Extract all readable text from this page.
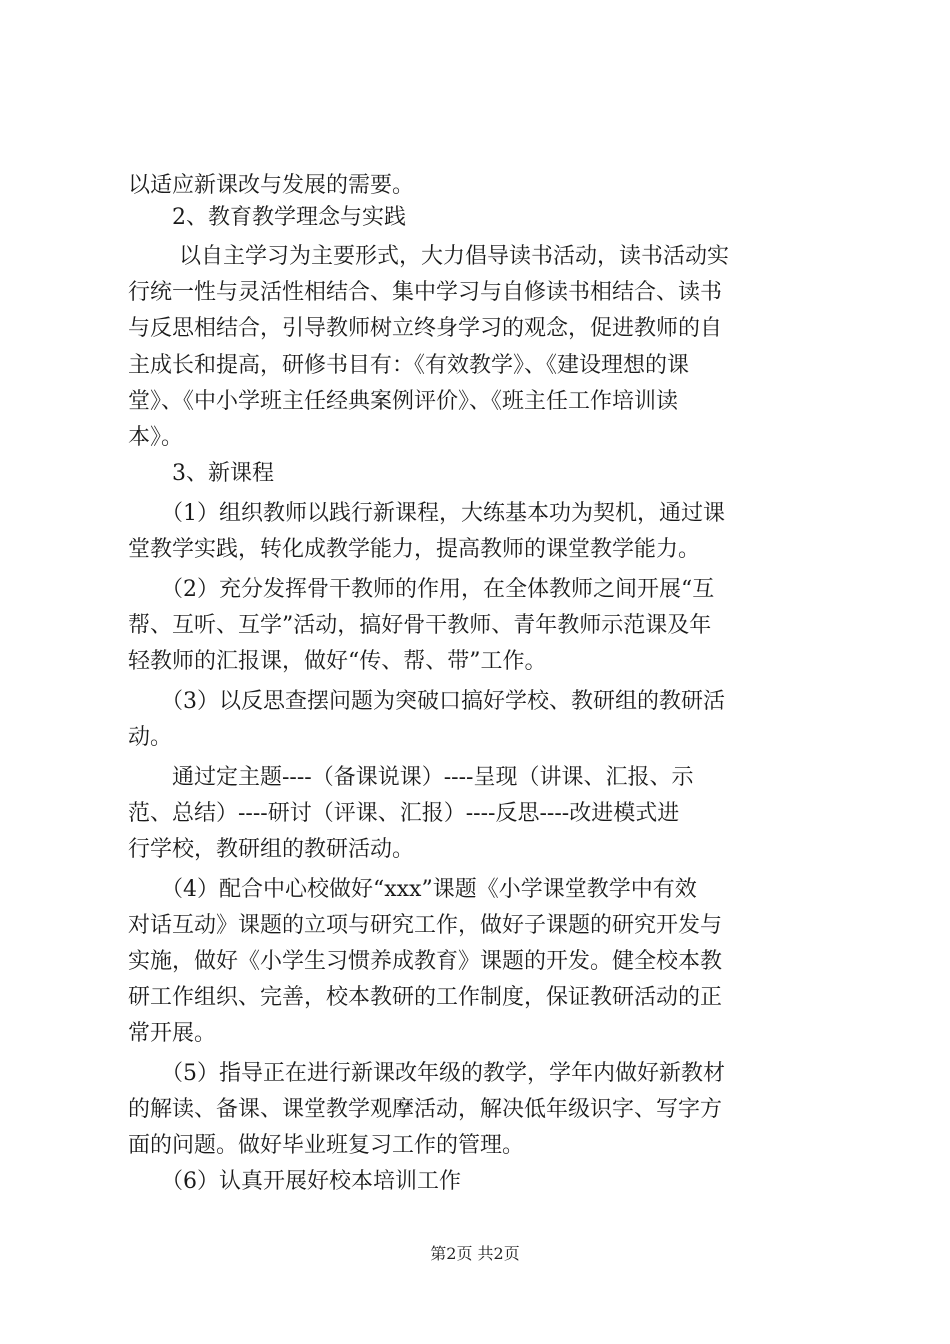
以适应新课改与发展的需要。

　　2、教育教学理念与实践

　　 以自主学习为主要形式，大力倡导读书活动，读书活动实

行统一性与灵活性相结合、集中学习与自修读书相结合、读书

与反思相结合，引导教师树立终身学习的观念，促进教师的自

主成长和提高，研修书目有：《有效教学》、《建设理想的课

堂》、《中小学班主任经典案例评价》、《班主任工作培训读

本》。

　　3、新课程

　　（1）组织教师以践行新课程，大练基本功为契机，通过课

堂教学实践，转化成教学能力，提高教师的课堂教学能力。

　　（2）充分发挥骨干教师的作用，在全体教师之间开展“互

帮、互听、互学”活动，搞好骨干教师、青年教师示范课及年

轻教师的汇报课，做好“传、帮、带”工作。

　　（3）以反思查摆问题为突破口搞好学校、教研组的教研活

动。

　　通过定主题----（备课说课）----呈现（讲课、汇报、示

范、总结）----研讨（评课、汇报）----反思----改进模式进

行学校，教研组的教研活动。

　　（4）配合中心校做好“xxx”课题《小学课堂教学中有效

对话互动》课题的立项与研究工作，做好子课题的研究开发与

实施，做好《小学生习惯养成教育》课题的开发。健全校本教

研工作组织、完善，校本教研的工作制度，保证教研活动的正

常开展。

　　（5）指导正在进行新课改年级的教学，学年内做好新教材

的解读、备课、课堂教学观摩活动，解决低年级识字、写字方

面的问题。做好毕业班复习工作的管理。

　　（6）认真开展好校本培训工作

第2页 共2页
